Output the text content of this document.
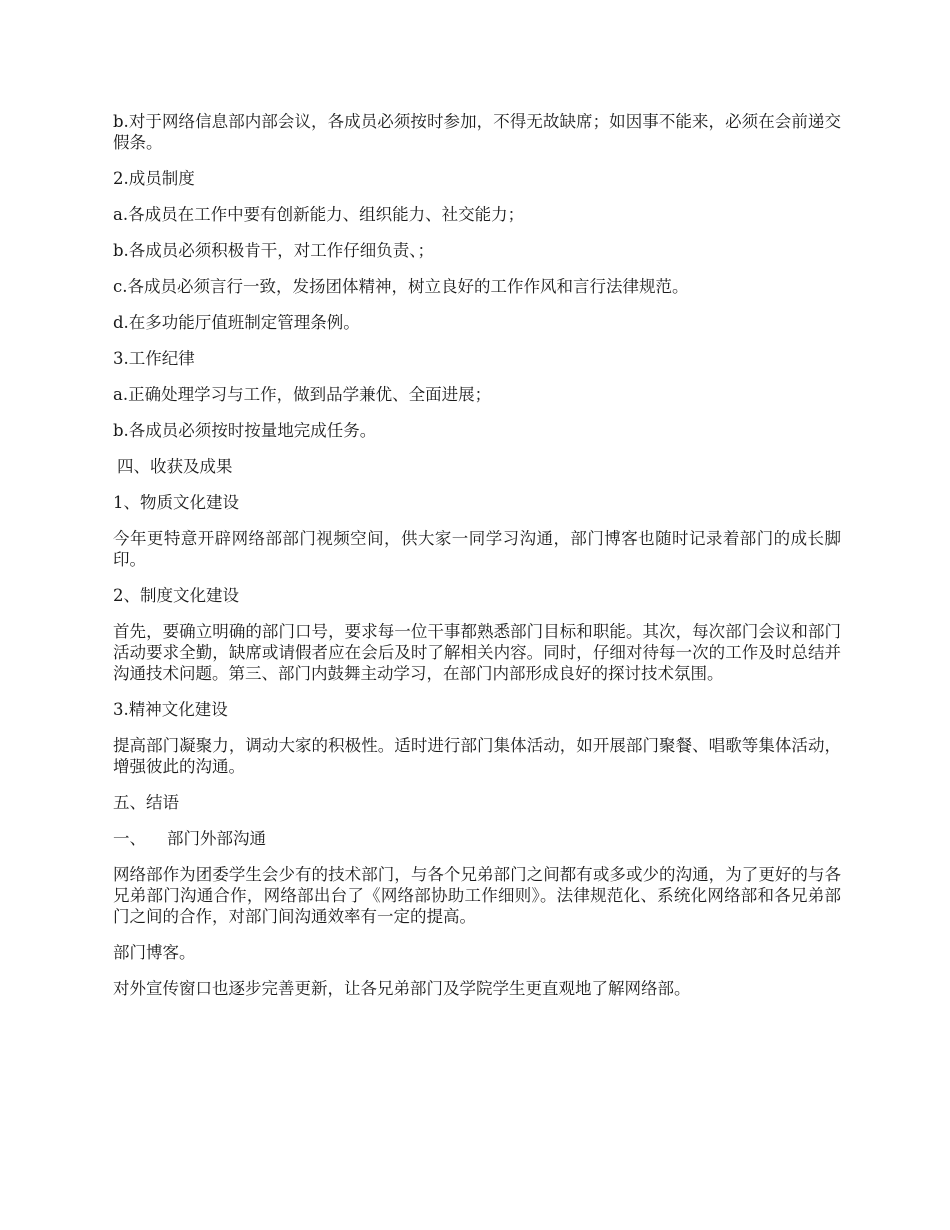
b.对于网络信息部内部会议，各成员必须按时参加，不得无故缺席；如因事不能来，必须在会前递交假条。

2.成员制度

a.各成员在工作中要有创新能力、组织能力、社交能力；

b.各成员必须积极肯干，对工作仔细负责、；

c.各成员必须言行一致，发扬团体精神，树立良好的工作作风和言行法律规范。

d.在多功能厅值班制定管理条例。

3.工作纪律

a.正确处理学习与工作，做到品学兼优、全面进展；

b.各成员必须按时按量地完成任务。

四、收获及成果

1、物质文化建设

今年更特意开辟网络部部门视频空间，供大家一同学习沟通，部门博客也随时记录着部门的成长脚印。

2、制度文化建设

首先，要确立明确的部门口号，要求每一位干事都熟悉部门目标和职能。其次，每次部门会议和部门活动要求全勤，缺席或请假者应在会后及时了解相关内容。同时，仔细对待每一次的工作及时总结并沟通技术问题。第三、部门内鼓舞主动学习，在部门内部形成良好的探讨技术氛围。

3.精神文化建设

提高部门凝聚力，调动大家的积极性。适时进行部门集体活动，如开展部门聚餐、唱歌等集体活动，增强彼此的沟通。

五、结语

一、 部门外部沟通

网络部作为团委学生会少有的技术部门，与各个兄弟部门之间都有或多或少的沟通，为了更好的与各兄弟部门沟通合作，网络部出台了《网络部协助工作细则》。法律规范化、系统化网络部和各兄弟部门之间的合作，对部门间沟通效率有一定的提高。

部门博客。

对外宣传窗口也逐步完善更新，让各兄弟部门及学院学生更直观地了解网络部。
